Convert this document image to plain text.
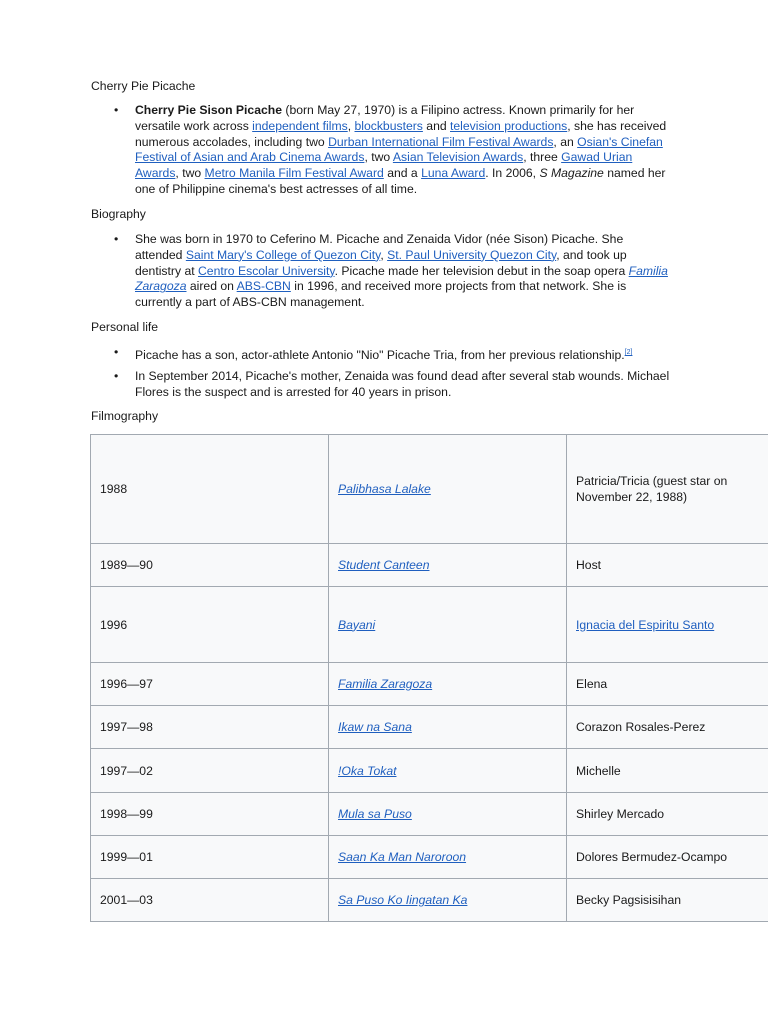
Cherry Pie Picache
• Cherry Pie Sison Picache (born May 27, 1970) is a Filipino actress. Known primarily for her versatile work across independent films, blockbusters and television productions, she has received numerous accolades, including two Durban International Film Festival Awards, an Osian's Cinefan Festival of Asian and Arab Cinema Awards, two Asian Television Awards, three Gawad Urian Awards, two Metro Manila Film Festival Award and a Luna Award. In 2006, S Magazine named her one of Philippine cinema's best actresses of all time.
Biography
• She was born in 1970 to Ceferino M. Picache and Zenaida Vidor (née Sison) Picache. She attended Saint Mary's College of Quezon City, St. Paul University Quezon City, and took up dentistry at Centro Escolar University. Picache made her television debut in the soap opera Familia Zaragoza aired on ABS-CBN in 1996, and received more projects from that network. She is currently a part of ABS-CBN management.
Personal life
• Picache has a son, actor-athlete Antonio "Nio" Picache Tria, from her previous relationship.[2]
• In September 2014, Picache's mother, Zenaida was found dead after several stab wounds. Michael Flores is the suspect and is arrested for 40 years in prison.
Filmography
1988	Palibhasa Lalake	Patricia/Tricia (guest star on November 22, 1988)
1989—90	Student Canteen	Host
1996	Bayani	Ignacia del Espiritu Santo
1996—97	Familia Zaragoza	Elena
1997—98	Ikaw na Sana	Corazon Rosales-Perez
1997—02	!Oka Tokat	Michelle
1998—99	Mula sa Puso	Shirley Mercado
1999—01	Saan Ka Man Naroroon	Dolores Bermudez-Ocampo
2001—03	Sa Puso Ko Iingatan Ka	Becky Pagsisisihan
